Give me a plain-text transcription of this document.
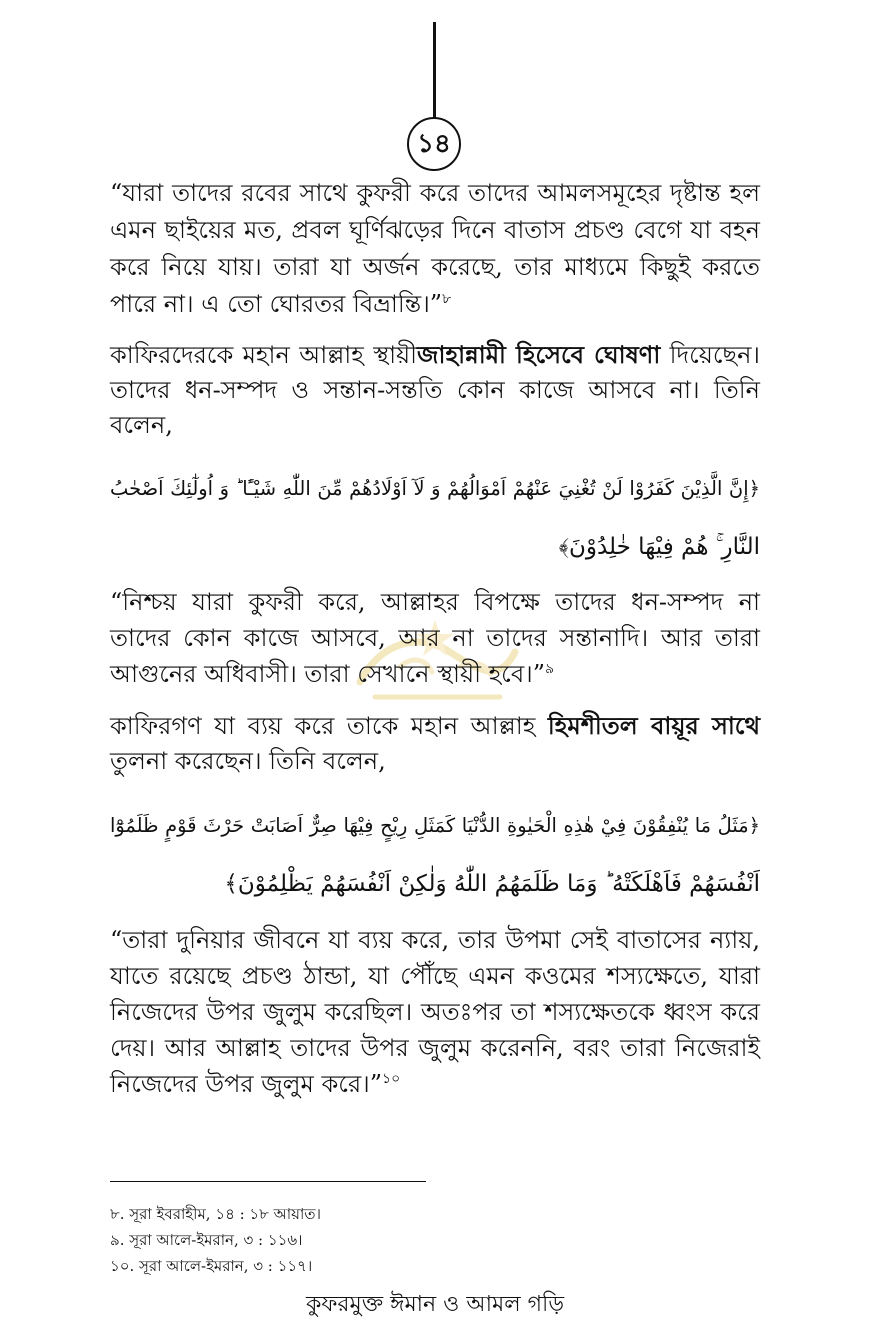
১৪
“যারা তাদের রবের সাথে কুফরী করে তাদের আমলসমূহের দৃষ্টান্ত হল
এমন ছাইয়ের মত, প্রবল ঘূর্ণিঝড়ের দিনে বাতাস প্রচণ্ড বেগে যা বহন
করে নিয়ে যায়। তারা যা অর্জন করেছে, তার মাধ্যমে কিছুই করতে
পারে না। এ তো ঘোরতর বিভ্রান্তি।”$^৮$
কাফিরদেরকে মহান আল্লাহ স্থায়ীজাহান্নামী হিসেবে ঘোষণা দিয়েছেন।
তাদের ধন-সম্পদ ও সন্তান-সন্ততি কোন কাজে আসবে না। তিনি
বলেন,
﴿إِنَّ الَّذِيْنَ كَفَرُوْا لَنْ تُغْنِيَ عَنْهُمْ اَمْوَالُهُمْ وَ لَآ اَوْلَادُهُمْ مِّنَ اللّٰهِ شَيْـًٔا ؕ وَ اُولٰٓئِكَ اَصْحٰبُ
النَّارِ ۚ هُمْ فِيْهَا خٰلِدُوْنَ﴾
“নিশ্চয় যারা কুফরী করে, আল্লাহর বিপক্ষে তাদের ধন-সম্পদ না
তাদের কোন কাজে আসবে, আর না তাদের সন্তানাদি। আর তারা
আগুনের অধিবাসী। তারা সেখানে স্থায়ী হবে।”$^৯$
কাফিরগণ যা ব্যয় করে তাকে মহান আল্লাহ হিমশীতল বায়ূর সাথে
তুলনা করেছেন। তিনি বলেন,
﴿مَثَلُ مَا يُنْفِقُوْنَ فِيْ هٰذِهِ الْحَيٰوةِ الدُّنْيَا كَمَثَلِ رِيْحٍ فِيْهَا صِرٌّ اَصَابَتْ حَرْثَ قَوْمٍ ظَلَمُوْٓا
اَنْفُسَهُمْ فَاَهْلَكَتْهُ ؕ وَمَا ظَلَمَهُمُ اللّٰهُ وَلٰكِنْ اَنْفُسَهُمْ يَظْلِمُوْنَ﴾
“তারা দুনিয়ার জীবনে যা ব্যয় করে, তার উপমা সেই বাতাসের ন্যায়,
যাতে রয়েছে প্রচণ্ড ঠান্ডা, যা পৌঁছে এমন কওমের শস্যক্ষেতে, যারা
নিজেদের উপর জুলুম করেছিল। অতঃপর তা শস্যক্ষেতকে ধ্বংস করে
দেয়। আর আল্লাহ তাদের উপর জুলুম করেননি, বরং তারা নিজেরাই
নিজেদের উপর জুলুম করে।”$^{১০}$
৮. সূরা ইবরাহীম, ১৪ : ১৮ আয়াত।
৯. সূরা আলে-ইমরান, ৩ : ১১৬।
১০. সূরা আলে-ইমরান, ৩ : ১১৭।
কুফরমুক্ত ঈমান ও আমল গড়ি
